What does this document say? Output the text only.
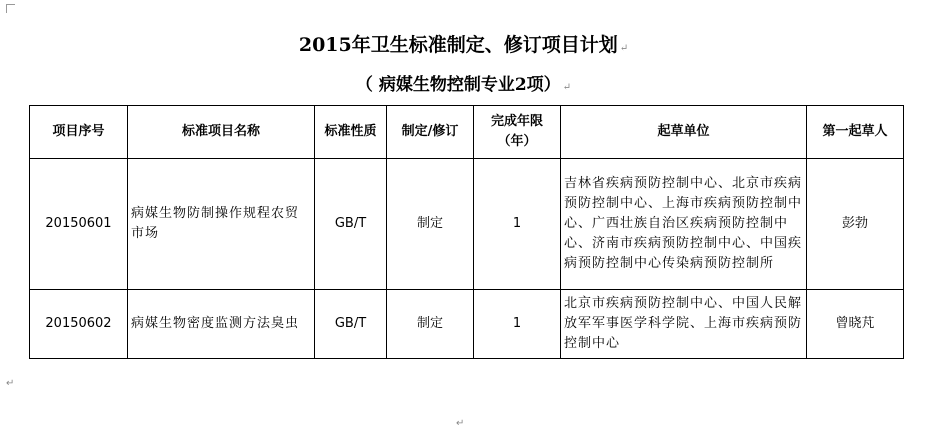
2015年卫生标准制定、修订项目计划 ↵
（ 病媒生物控制专业2项） ↵
项目序号	标准项目名称	标准性质	制定/修订	完成年限（年）	起草单位	第一起草人
20150601	病媒生物防制操作规程农贸市场	GB/T	制定	1	吉林省疾病预防控制中心、北京市疾病预防控制中心、上海市疾病预防控制中心、广西壮族自治区疾病预防控制中心、济南市疾病预防控制中心、中国疾病预防控制中心传染病预防控制所	彭勃
20150602	病媒生物密度监测方法臭虫	GB/T	制定	1	北京市疾病预防控制中心、中国人民解放军军事医学科学院、上海市疾病预防控制中心	曾晓芃
↵
↵
